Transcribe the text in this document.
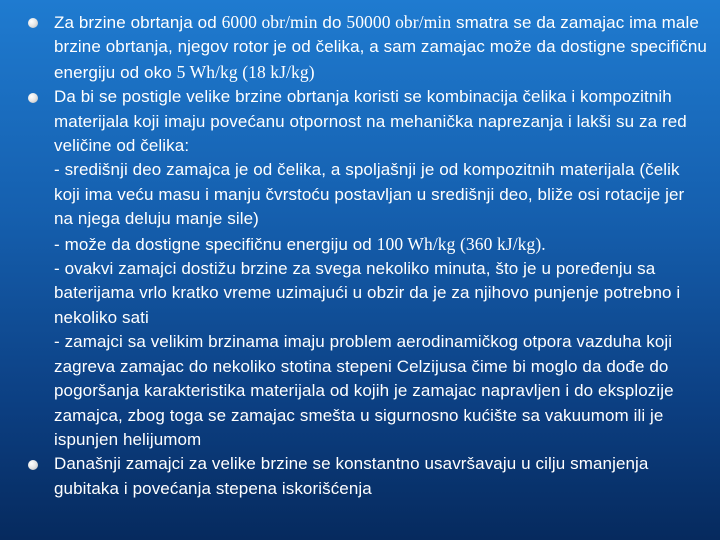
Za brzine obrtanja od 6000 obr/min do 50000 obr/min smatra se da zamajac ima male brzine obrtanja, njegov rotor je od čelika, a sam zamajac može da dostigne specifičnu energiju od oko 5 Wh/kg (18 kJ/kg)
Da bi se postigle velike brzine obrtanja koristi se kombinacija čelika i kompozitnih materijala koji imaju povećanu otpornost na mehanička naprezanja i lakši su za red veličine od čelika:
- središnji deo zamajca je od čelika, a spoljašnji je od kompozitnih materijala (čelik koji ima veću masu i manju čvrstoću postavljan u središnji deo, bliže osi rotacije jer na njega deluju manje sile)
- može da dostigne specifičnu energiju od 100 Wh/kg (360 kJ/kg).
- ovakvi zamajci dostižu brzine za svega nekoliko minuta, što je u poređenju sa baterijama vrlo kratko vreme uzimajući u obzir da je za njihovo punjenje potrebno i nekoliko sati
- zamajci sa velikim brzinama imaju problem aerodinamičkog otpora vazduha koji zagreva zamajac do nekoliko stotina stepeni Celzijusa čime bi moglo da dođe do pogoršanja karakteristika materijala od kojih je zamajac napravljen i do eksplozije zamajca, zbog toga se zamajac smešta u sigurnosno kućište sa vakuumom ili je ispunjen helijumom
Današnji zamajci za velike brzine se konstantno usavršavaju u cilju smanjenja gubitaka i povećanja stepena iskorišćenja
